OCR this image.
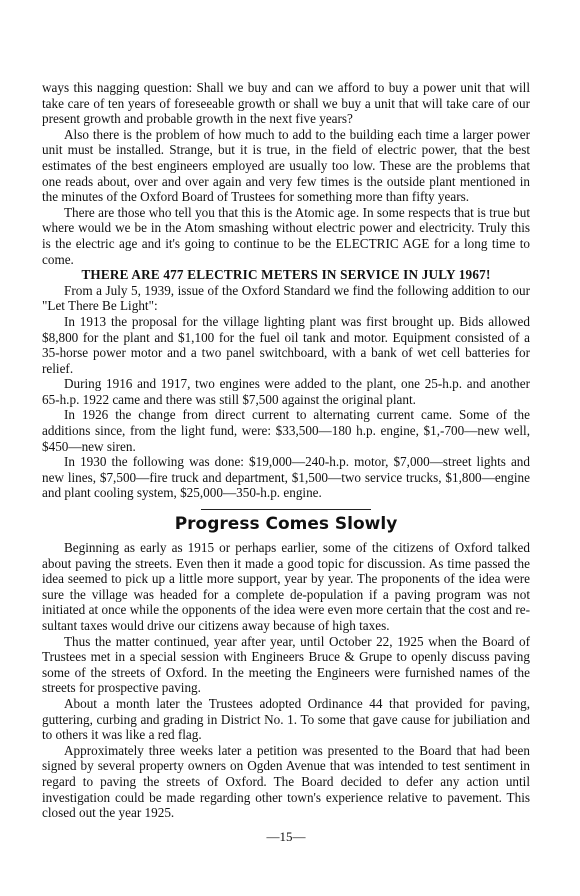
ways this nagging question: Shall we buy and can we afford to buy a power unit that will take care of ten years of foreseeable growth or shall we buy a unit that will take care of our present growth and probable growth in the next five years?

Also there is the problem of how much to add to the building each time a larger power unit must be installed. Strange, but it is true, in the field of electric power, that the best estimates of the best engineers employed are usually too low. These are the problems that one reads about, over and over again and very few times is the outside plant mentioned in the minutes of the Oxford Board of Trustees for something more than fifty years.

There are those who tell you that this is the Atomic age. In some respects that is true but where would we be in the Atom smashing without electric power and electricity. Truly this is the electric age and it's going to continue to be the ELECTRIC AGE for a long time to come.

THERE ARE 477 ELECTRIC METERS IN SERVICE IN JULY 1967!

From a July 5, 1939, issue of the Oxford Standard we find the following addition to our "Let There Be Light":

In 1913 the proposal for the village lighting plant was first brought up. Bids allowed $8,800 for the plant and $1,100 for the fuel oil tank and motor. Equipment consisted of a 35-horse power motor and a two panel switchboard, with a bank of wet cell batteries for relief.

During 1916 and 1917, two engines were added to the plant, one 25-h.p. and another 65-h.p. 1922 came and there was still $7,500 against the original plant.

In 1926 the change from direct current to alternating current came. Some of the additions since, from the light fund, were: $33,500—180 h.p. engine, $1,-700—new well, $450—new siren.

In 1930 the following was done: $19,000—240-h.p. motor, $7,000—street lights and new lines, $7,500—fire truck and department, $1,500—two service trucks, $1,800—engine and plant cooling system, $25,000—350-h.p. engine.

Progress Comes Slowly

Beginning as early as 1915 or perhaps earlier, some of the citizens of Oxford talked about paving the streets. Even then it made a good topic for discussion. As time passed the idea seemed to pick up a little more support, year by year. The proponents of the idea were sure the village was headed for a complete de-population if a paving program was not initiated at once while the opponents of the idea were even more certain that the cost and re-sultant taxes would drive our citizens away because of high taxes.

Thus the matter continued, year after year, until October 22, 1925 when the Board of Trustees met in a special session with Engineers Bruce & Grupe to openly discuss paving some of the streets of Oxford. In the meeting the Engineers were furnished names of the streets for prospective paving.

About a month later the Trustees adopted Ordinance 44 that provided for paving, guttering, curbing and grading in District No. 1. To some that gave cause for jubiliation and to others it was like a red flag.

Approximately three weeks later a petition was presented to the Board that had been signed by several property owners on Ogden Avenue that was intended to test sentiment in regard to paving the streets of Oxford. The Board decided to defer any action until investigation could be made regarding other town's experience relative to pavement. This closed out the year 1925.

—15—
